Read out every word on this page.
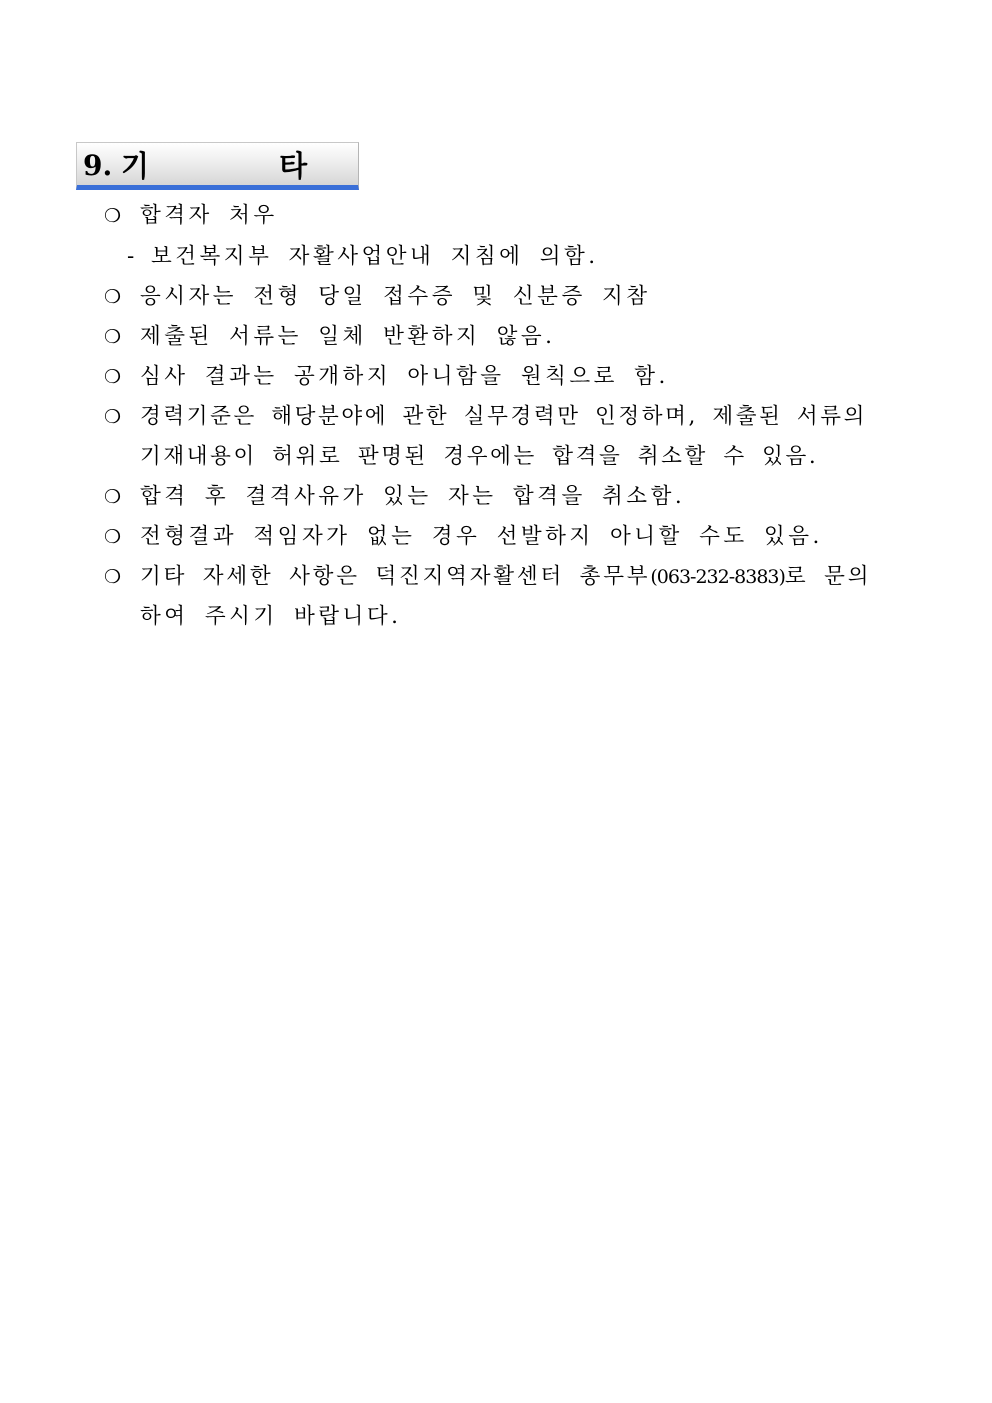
9. 기 타
❍ 합격자 처우
- 보건복지부 자활사업안내 지침에 의함.
❍ 응시자는 전형 당일 접수증 및 신분증 지참
❍ 제출된 서류는 일체 반환하지 않음.
❍ 심사 결과는 공개하지 아니함을 원칙으로 함.
❍ 경력기준은 해당분야에 관한 실무경력만 인정하며, 제출된 서류의
기재내용이 허위로 판명된 경우에는 합격을 취소할 수 있음.
❍ 합격 후 결격사유가 있는 자는 합격을 취소함.
❍ 전형결과 적임자가 없는 경우 선발하지 아니할 수도 있음.
❍ 기타 자세한 사항은 덕진지역자활센터 총무부(063-232-8383)로 문의
하여 주시기 바랍니다.
